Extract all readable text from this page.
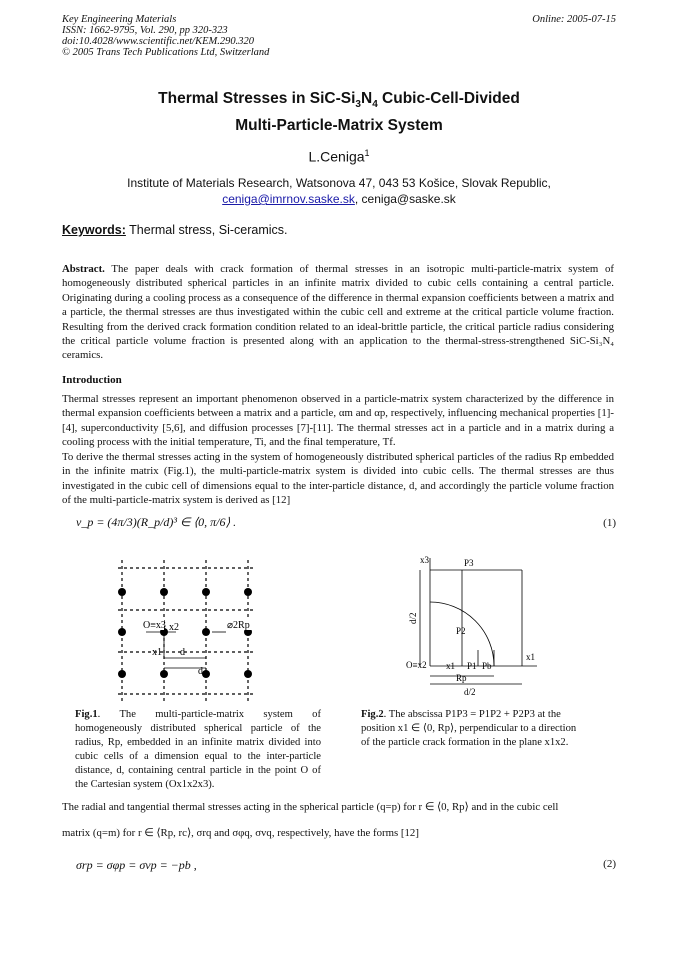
Key Engineering Materials	Online: 2005-07-15
ISSN: 1662-9795, Vol. 290, pp 320-323
doi:10.4028/www.scientific.net/KEM.290.320
© 2005 Trans Tech Publications Ltd, Switzerland
Thermal Stresses in SiC-$Si_3N_4$ Cubic-Cell-Divided
Multi-Particle-Matrix System
L.Ceniga$^1$
Institute of Materials Research, Watsonova 47, 043 53 Košice, Slovak Republic,
ceniga@imrnov.saske.sk, ceniga@saske.sk
Keywords: Thermal stress, Si-ceramics.
Abstract. The paper deals with crack formation of thermal stresses in an isotropic multi-particle-matrix system of homogeneously distributed spherical particles in an infinite matrix divided to cubic cells containing a central particle. Originating during a cooling process as a consequence of the difference in thermal expansion coefficients between a matrix and a particle, the thermal stresses are thus investigated within the cubic cell and extreme at the critical particle volume fraction. Resulting from the derived crack formation condition related to an ideal-brittle particle, the critical particle radius considering the critical particle volume fraction is presented along with an application to the thermal-stress-strengthened SiC-Si₃N₄ ceramics.
Introduction
Thermal stresses represent an important phenomenon observed in a particle-matrix system characterized by the difference in thermal expansion coefficients between a matrix and a particle, αm and αp, respectively, influencing mechanical properties [1]-[4], superconductivity [5,6], and diffusion processes [7]-[11]. The thermal stresses act in a particle and in a matrix during a cooling process with the initial temperature, Ti, and the final temperature, Tf.
To derive the thermal stresses acting in the system of homogeneously distributed spherical particles of the radius Rp embedded in the infinite matrix (Fig.1), the multi-particle-matrix system is divided into cubic cells. The thermal stresses are thus investigated in the cubic cell of dimensions equal to the inter-particle distance, d, and accordingly the particle volume fraction of the multi-particle-matrix system is derived as [12]
v_p = (4π/3)(R_p/d)³ ∈ ⟨0, π/6⟩ .	(1)
O≡x3 x2
x1 d
d
⌀2Rp
x3	P3
d/2
P2
O≡x2 x1 P1 Pb
x1
Rp
d/2
Fig.1. The multi-particle-matrix system of homogeneously distributed spherical particle of the radius, Rp, embedded in an infinite matrix divided into cubic cells of a dimension equal to the inter-particle distance, d, containing central particle in the point O of the Cartesian system (Ox1x2x3).
Fig.2. The abscissa P1P3 = P1P2 + P2P3 at the
position x1 ∈ ⟨0, Rp⟩, perpendicular to a direction
of the particle crack formation in the plane x1x2.
The radial and tangential thermal stresses acting in the spherical particle (q=p) for r ∈ ⟨0, Rp⟩ and in the cubic cell
matrix (q=m) for r ∈ ⟨Rp, rc⟩, σrq and σφq, σvq, respectively, have the forms [12]
σrp = σφp = σvp = −pb ,	(2)
